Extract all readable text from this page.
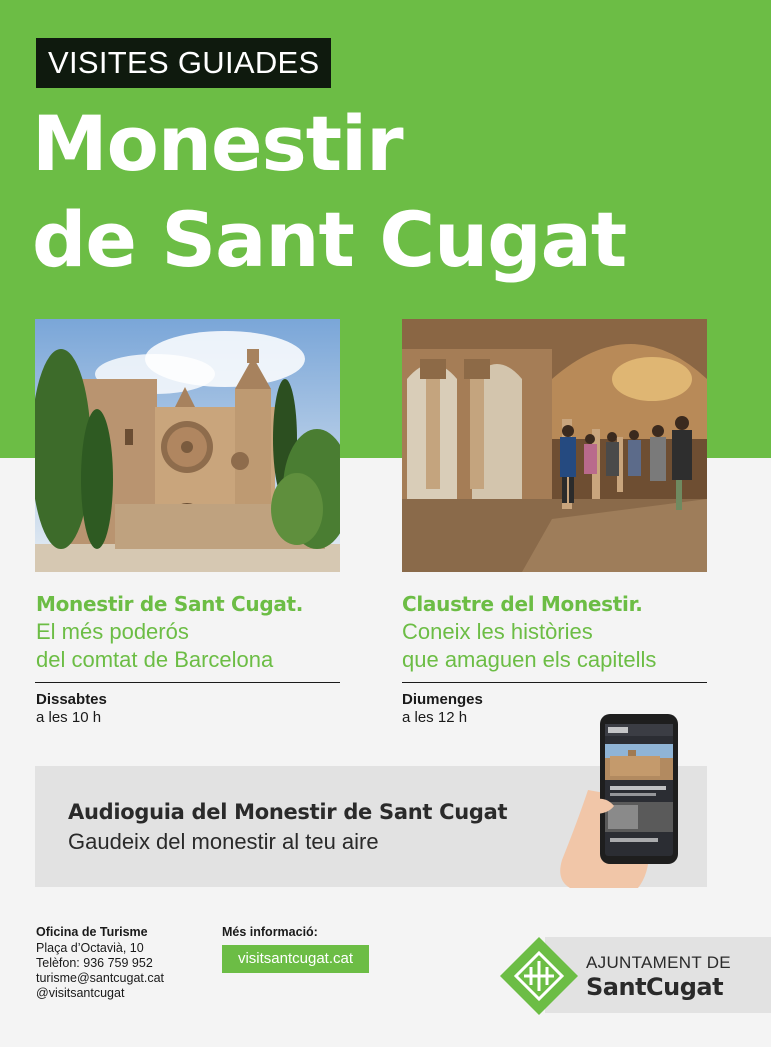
VISITES GUIADES
Monestir
de Sant Cugat
Monestir de Sant Cugat.
El més poderós
del comtat de Barcelona
Dissabtes
a les 10 h
Claustre del Monestir.
Coneix les històries
que amaguen els capitells
Diumenges
a les 12 h
Audioguia del Monestir de Sant Cugat
Gaudeix del monestir al teu aire
Oficina de Turisme
Plaça d’Octavià, 10
Telèfon: 936 759 952
turisme@santcugat.cat
@visitsantcugat
Més informació:
visitsantcugat.cat	AJUNTAMENT DE
SantCugat
